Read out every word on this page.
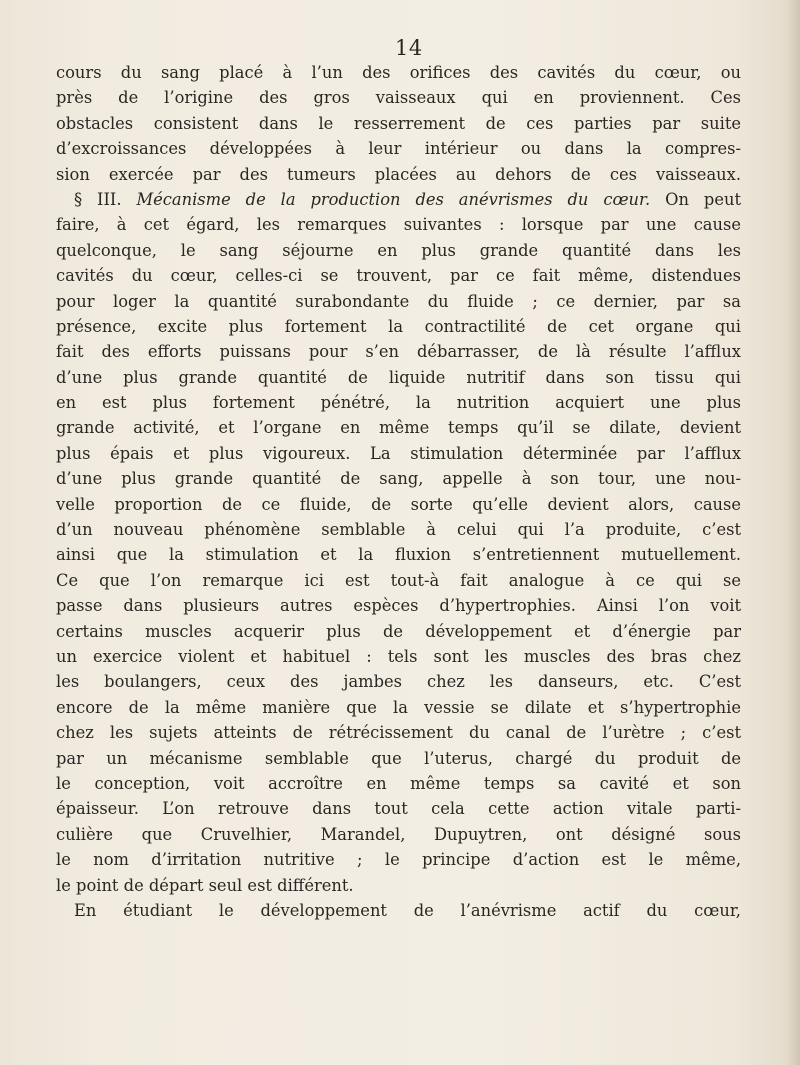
14
cours du sang placé à l’un des orifices des cavités du cœur, ou
près de l’origine des gros vaisseaux qui en proviennent. Ces
obstacles consistent dans le resserrement de ces parties par suite
d’excroissances développées à leur intérieur ou dans la compres-
sion exercée par des tumeurs placées au dehors de ces vaisseaux.
§ III. Mécanisme de la production des anévrismes du cœur. On peut
faire, à cet égard, les remarques suivantes : lorsque par une cause
quelconque, le sang séjourne en plus grande quantité dans les
cavités du cœur, celles-ci se trouvent, par ce fait même, distendues
pour loger la quantité surabondante du fluide ; ce dernier, par sa
présence, excite plus fortement la contractilité de cet organe qui
fait des efforts puissans pour s’en débarrasser, de là résulte l’afflux
d’une plus grande quantité de liquide nutritif dans son tissu qui
en est plus fortement pénétré, la nutrition acquiert une plus
grande activité, et l’organe en même temps qu’il se dilate, devient
plus épais et plus vigoureux. La stimulation déterminée par l’afflux
d’une plus grande quantité de sang, appelle à son tour, une nou-
velle proportion de ce fluide, de sorte qu’elle devient alors, cause
d’un nouveau phénomène semblable à celui qui l’a produite, c’est
ainsi que la stimulation et la fluxion s’entretiennent mutuellement.
Ce que l’on remarque ici est tout-à fait analogue à ce qui se
passe dans plusieurs autres espèces d’hypertrophies. Ainsi l’on voit
certains muscles acquerir plus de développement et d’énergie par
un exercice violent et habituel : tels sont les muscles des bras chez
les boulangers, ceux des jambes chez les danseurs, etc. C’est
encore de la même manière que la vessie se dilate et s’hypertrophie
chez les sujets atteints de rétrécissement du canal de l’urètre ; c’est
par un mécanisme semblable que l’uterus, chargé du produit de
le conception, voit accroître en même temps sa cavité et son
épaisseur. L’on retrouve dans tout cela cette action vitale parti-
culière que Cruvelhier, Marandel, Dupuytren, ont désigné sous
le nom d’irritation nutritive ; le principe d’action est le même,
le point de départ seul est différent.
En étudiant le développement de l’anévrisme actif du cœur,
